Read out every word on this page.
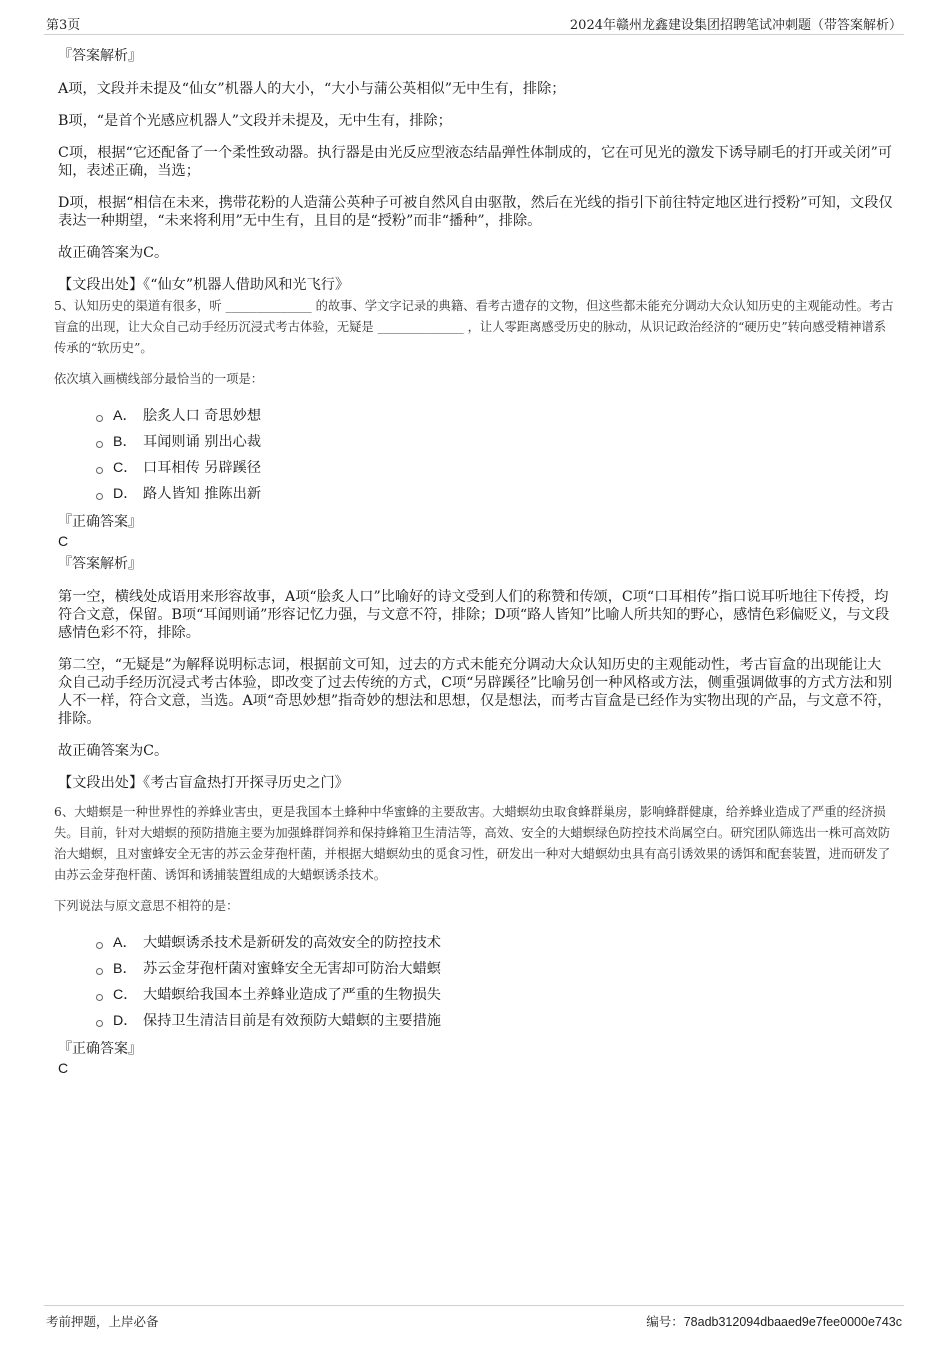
第3页	2024年赣州龙鑫建设集团招聘笔试冲刺题（带答案解析）
『答案解析』

A项，文段并未提及“仙女”机器人的大小，“大小与蒲公英相似”无中生有，排除；

B项，“是首个光感应机器人”文段并未提及，无中生有，排除；

C项，根据“它还配备了一个柔性致动器。执行器是由光反应型液态结晶弹性体制成的，它在可见光的激发下诱导刷毛的打开或关闭”可知，表述正确，当选；

D项，根据“相信在未来，携带花粉的人造蒲公英种子可被自然风自由驱散，然后在光线的指引下前往特定地区进行授粉”可知，文段仅表达一种期望，“未来将利用”无中生有，且目的是“授粉”而非“播种”，排除。

故正确答案为C。

【文段出处】《“仙女”机器人借助风和光飞行》

5、认知历史的渠道有很多，听 ______________ 的故事、学文字记录的典籍、看考古遗存的文物，但这些都未能充分调动大众认知历史的主观能动性。考古盲盒的出现，让大众自己动手经历沉浸式考古体验，无疑是 ______________ ，让人零距离感受历史的脉动，从识记政治经济的“硬历史”转向感受精神谱系传承的“软历史”。

依次填入画横线部分最恰当的一项是：

A． 脍炙人口 奇思妙想
B． 耳闻则诵 别出心裁
C． 口耳相传 另辟蹊径
D． 路人皆知 推陈出新
『正确答案』
C
『答案解析』

第一空，横线处成语用来形容故事，A项“脍炙人口”比喻好的诗文受到人们的称赞和传颂，C项“口耳相传”指口说耳听地往下传授，均符合文意，保留。B项“耳闻则诵”形容记忆力强，与文意不符，排除；D项“路人皆知”比喻人所共知的野心，感情色彩偏贬义，与文段感情色彩不符，排除。

第二空，“无疑是”为解释说明标志词，根据前文可知，过去的方式未能充分调动大众认知历史的主观能动性，考古盲盒的出现能让大众自己动手经历沉浸式考古体验，即改变了过去传统的方式，C项“另辟蹊径”比喻另创一种风格或方法，侧重强调做事的方式方法和别人不一样，符合文意，当选。A项“奇思妙想”指奇妙的想法和思想，仅是想法，而考古盲盒是已经作为实物出现的产品，与文意不符，排除。

故正确答案为C。

【文段出处】《考古盲盒热打开探寻历史之门》

6、大蜡螟是一种世界性的养蜂业害虫，更是我国本土蜂种中华蜜蜂的主要敌害。大蜡螟幼虫取食蜂群巢房，影响蜂群健康，给养蜂业造成了严重的经济损失。目前，针对大蜡螟的预防措施主要为加强蜂群饲养和保持蜂箱卫生清洁等，高效、安全的大蜡螟绿色防控技术尚属空白。研究团队筛选出一株可高效防治大蜡螟，且对蜜蜂安全无害的苏云金芽孢杆菌，并根据大蜡螟幼虫的觅食习性，研发出一种对大蜡螟幼虫具有高引诱效果的诱饵和配套装置，进而研发了由苏云金芽孢杆菌、诱饵和诱捕装置组成的大蜡螟诱杀技术。

下列说法与原文意思不相符的是：

A． 大蜡螟诱杀技术是新研发的高效安全的防控技术
B． 苏云金芽孢杆菌对蜜蜂安全无害却可防治大蜡螟
C． 大蜡螟给我国本土养蜂业造成了严重的生物损失
D． 保持卫生清洁目前是有效预防大蜡螟的主要措施
『正确答案』
C
考前押题，上岸必备	编号：78adb312094dbaaed9e7fee0000e743c
